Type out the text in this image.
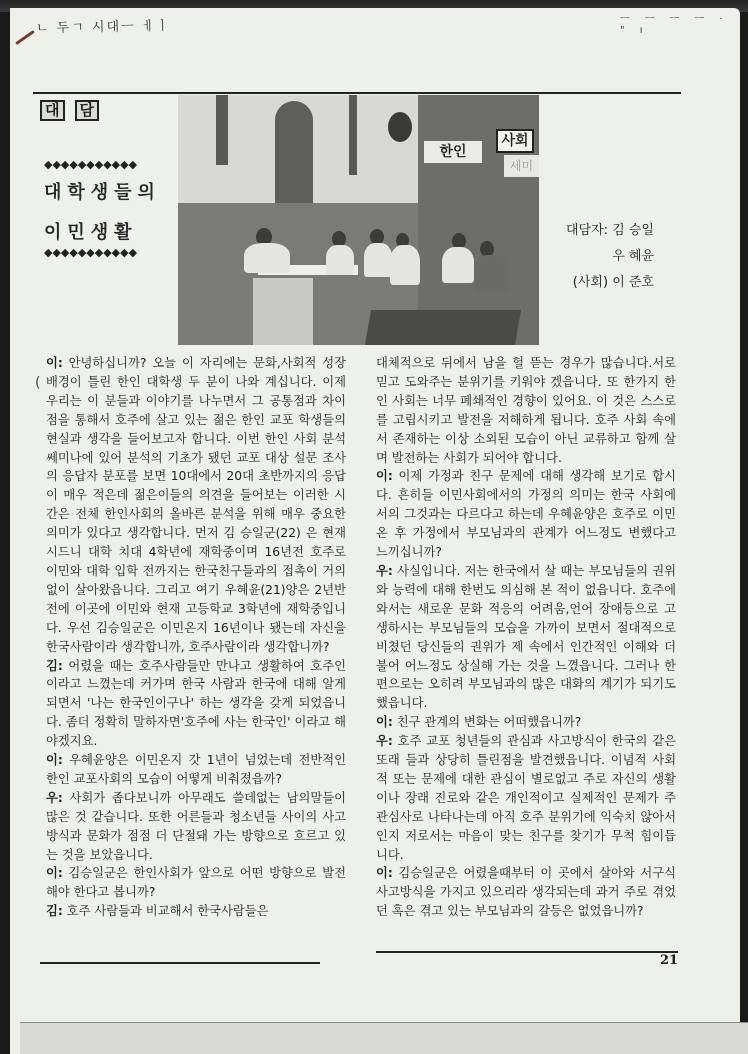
ㄴ 두ㄱ 시대ㅡ ㅔㅣ	ㅡ ㅡ ㅡ ㅡ · " ı
대	담
◆◆◆◆◆◆◆◆◆◆◆
대학생들의
이민생활
◆◆◆◆◆◆◆◆◆◆◆
한인
사회
세미
대담자: 김 승일
우 혜윤
(사회) 이 준호
(

이: 안녕하십니까? 오늘 이 자리에는 문화,사회적 성장 배경이 틀린 한인 대학생 두 분이 나와 계십니다. 이제 우리는 이 분들과 이야기를 나누면서 그 공통점과 차이점을 통해서 호주에 살고 있는 젊은 한인 교포 학생들의 현실과 생각을 들어보고자 합니다. 이번 한인 사회 분석 쎄미나에 있어 분석의 기초가 됐던 교포 대상 설문 조사의 응답자 분포를 보면 10대에서 20대 초반까지의 응답이 매우 적은데 젊은이들의 의견을 들어보는 이러한 시간은 전체 한인사회의 올바른 분석을 위해 매우 중요한 의미가 있다고 생각합니다. 먼저 김 승일군(22) 은 현재 시드니 대학 치대 4학년에 재학중이며 16년전 호주로 이민와 대학 입학 전까지는 한국친구들과의 접촉이 거의 없이 살아왔읍니다. 그리고 여기 우혜윤(21)양은 2년반전에 이곳에 이민와 현재 고등학교 3학년에 재학중입니다. 우선 김승일군은 이민온지 16년이나 됐는데 자신을 한국사람이라 생각합니까, 호주사람이라 생각합니까?

김: 어렸을 때는 호주사람들만 만나고 생활하여 호주인이라고 느꼈는데 커가며 한국 사람과 한국에 대해 알게되면서 '나는 한국인이구나' 하는 생각을 갖게 되었읍니다. 좀더 정확히 말하자면'호주에 사는 한국인' 이라고 해야겠지요.

이: 우혜윤양은 이민온지 갓 1년이 넘었는데 전반적인 한인 교포사회의 모습이 어떻게 비춰졌읍까?

우: 사회가 좁다보니까 아무래도 쓸데없는 남의말들이 많은 것 같습니다. 또한 어른들과 청소년들 사이의 사고 방식과 문화가 점점 더 단절돼 가는 방향으로 흐르고 있는 것을 보았읍니다.

이: 김승일군은 한인사회가 앞으로 어떤 방향으로 발전해야 한다고 봅니까?

김: 호주 사람들과 비교해서 한국사람들은

대체적으로 뒤에서 남을 헐 뜯는 경우가 많습니다.서로 믿고 도와주는 분위기를 키워야 겠읍니다. 또 한가지 한인 사회는 너무 폐쇄적인 경향이 있어요. 이 것은 스스로를 고립시키고 발전을 저해하게 됩니다. 호주 사회 속에서 존재하는 이상 소외된 모습이 아닌 교류하고 함께 살며 발전하는 사회가 되어야 합니다.

이: 이제 가정과 친구 문제에 대해 생각해 보기로 합시다. 흔히들 이민사회에서의 가정의 의미는 한국 사회에서의 그것과는 다르다고 하는데 우혜윤양은 호주로 이민 온 후 가정에서 부모님과의 관계가 어느정도 변했다고 느끼십니까?

우: 사실입니다. 저는 한국에서 살 때는 부모님들의 권위와 능력에 대해 한번도 의심해 본 적이 없읍니다. 호주에 와서는 새로운 문화 적응의 어려움,언어 장애등으로 고생하시는 부모님들의 모습을 가까이 보면서 절대적으로 비쳤던 당신들의 권위가 제 속에서 인간적인 이해와 더불어 어느정도 상실해 가는 것을 느꼈읍니다. 그러나 한편으로는 오히려 부모님과의 많은 대화의 계기가 되기도 했읍니다.

이: 친구 관계의 변화는 어떠했읍니까?

우: 호주 교포 청년들의 관심과 사고방식이 한국의 같은 또래 들과 상당히 틀린점을 발견했읍니다. 이념적 사회적 또는 문제에 대한 관심이 별로없고 주로 자신의 생활이나 장래 진로와 같은 개인적이고 실제적인 문제가 주 관심사로 나타나는데 아직 호주 분위기에 익숙치 않아서인지 저로서는 마음이 맞는 친구를 찾기가 무척 힘이듭니다.

이: 김승일군은 어렸을때부터 이 곳에서 살아와 서구식 사고방식을 가지고 있으리라 생각되는데 과거 주로 겪었던 혹은 겪고 있는 부모님과의 갈등은 없었읍니까?

21
